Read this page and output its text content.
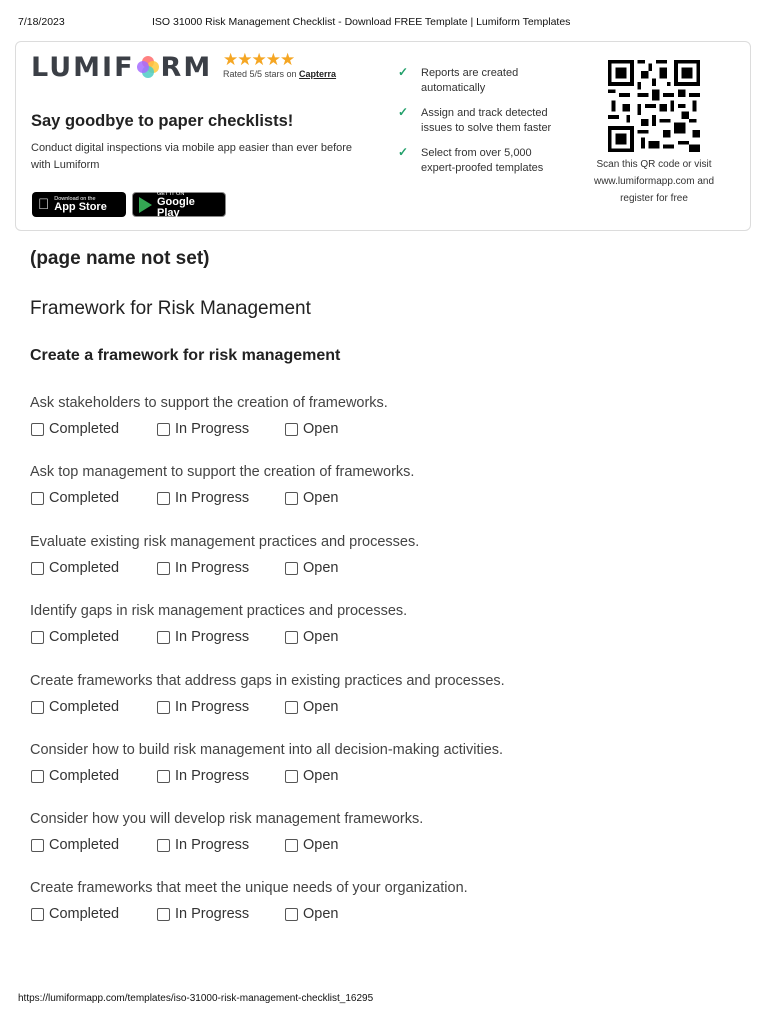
7/18/2023	ISO 31000 Risk Management Checklist - Download FREE Template | Lumiform Templates
LUMIF RM ★★★★★
Rated 5/5 stars on Capterra
Say goodbye to paper checklists!
Conduct digital inspections via mobile app easier than ever before with Lumiform
Download on the
App Store
GET IT ON
Google Play
✓ Reports are created automatically
✓ Assign and track detected issues to solve them faster
✓ Select from over 5,000 expert-proofed templates	Scan this QR code or visit www.lumiformapp.com and register for free
(page name not set)
Framework for Risk Management
Create a framework for risk management
Ask stakeholders to support the creation of frameworks.
Completed	In Progress	Open
Ask top management to support the creation of frameworks.
Completed	In Progress	Open
Evaluate existing risk management practices and processes.
Completed	In Progress	Open
Identify gaps in risk management practices and processes.
Completed	In Progress	Open
Create frameworks that address gaps in existing practices and processes.
Completed	In Progress	Open
Consider how to build risk management into all decision-making activities.
Completed	In Progress	Open
Consider how you will develop risk management frameworks.
Completed	In Progress	Open
Create frameworks that meet the unique needs of your organization.
Completed	In Progress	Open
https://lumiformapp.com/templates/iso-31000-risk-management-checklist_16295
